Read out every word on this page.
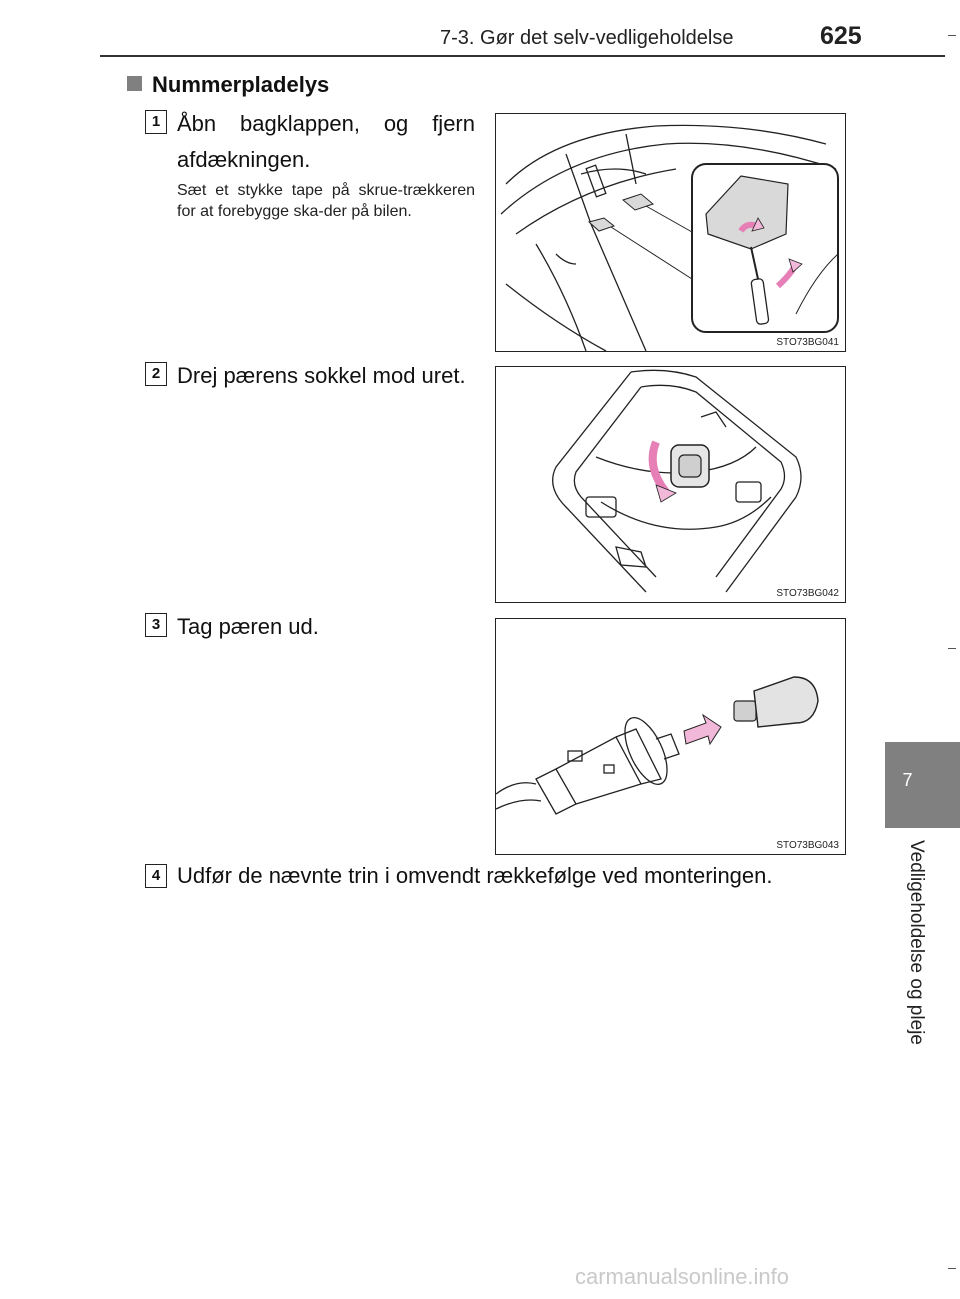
7-3. Gør det selv-vedligeholdelse	625
7
Vedligeholdelse og pleje
Nummerpladelys
1 Åbn bagklappen, og fjern afdækningen.
Sæt et stykke tape på skrue-trækkeren for at forebygge ska-der på bilen.
STO73BG041
2 Drej pærens sokkel mod uret.
STO73BG042
3 Tag pæren ud.
STO73BG043
4 Udfør de nævnte trin i omvendt rækkefølge ved monteringen.
carmanualsonline.info
